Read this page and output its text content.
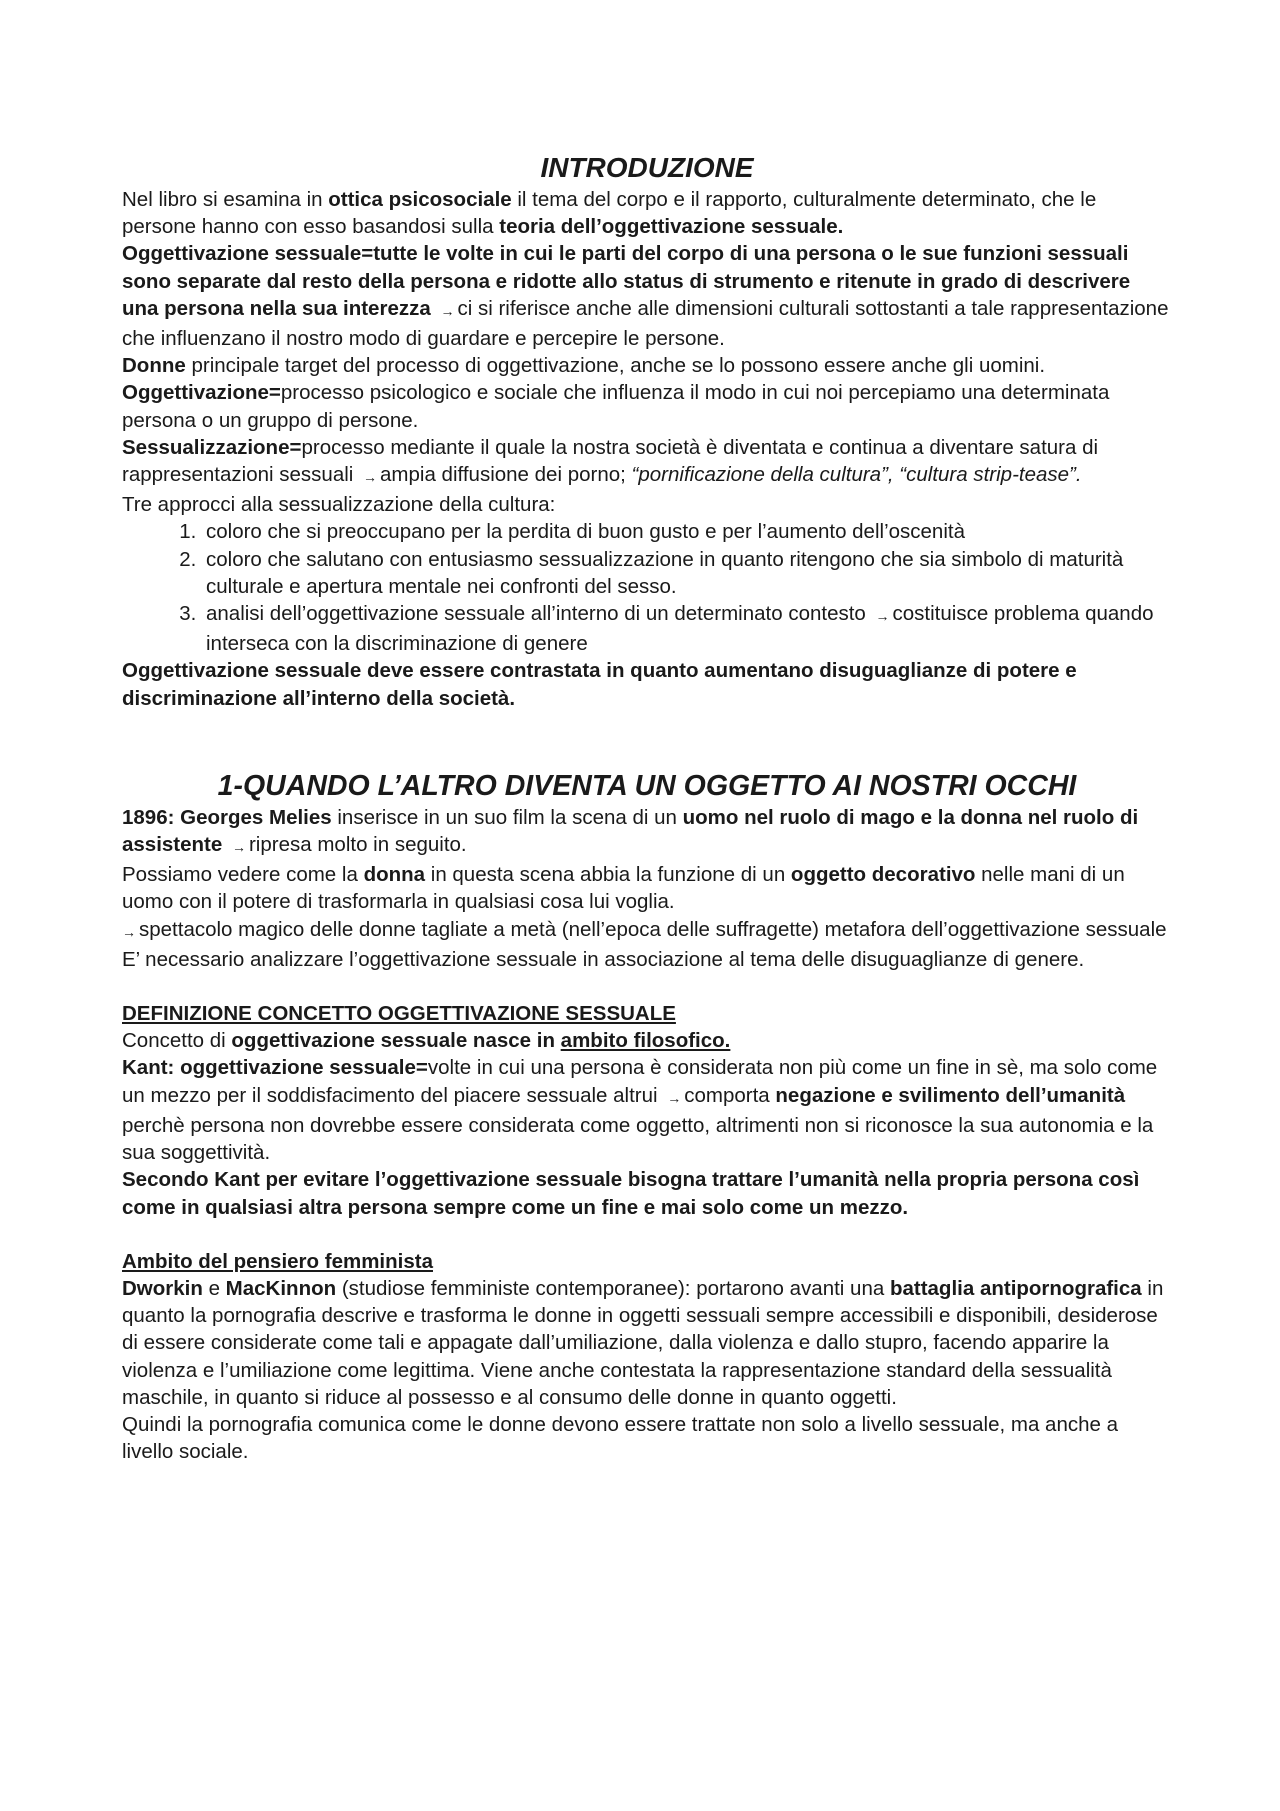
INTRODUZIONE

Nel libro si esamina in ottica psicosociale il tema del corpo e il rapporto, culturalmente determinato, che le persone hanno con esso basandosi sulla teoria dell’oggettivazione sessuale.

Oggettivazione sessuale=tutte le volte in cui le parti del corpo di una persona o le sue funzioni sessuali sono separate dal resto della persona e ridotte allo status di strumento e ritenute in grado di descrivere una persona nella sua interezza → ci si riferisce anche alle dimensioni culturali sottostanti a tale rappresentazione che influenzano il nostro modo di guardare e percepire le persone.

Donne principale target del processo di oggettivazione, anche se lo possono essere anche gli uomini.

Oggettivazione=processo psicologico e sociale che influenza il modo in cui noi percepiamo una determinata persona o un gruppo di persone.

Sessualizzazione=processo mediante il quale la nostra società è diventata e continua a diventare satura di rappresentazioni sessuali → ampia diffusione dei porno; “pornificazione della cultura”, “cultura strip-tease”.

Tre approcci alla sessualizzazione della cultura:

1. coloro che si preoccupano per la perdita di buon gusto e per l’aumento dell’oscenità
2. coloro che salutano con entusiasmo sessualizzazione in quanto ritengono che sia simbolo di maturità culturale e apertura mentale nei confronti del sesso.
3. analisi dell’oggettivazione sessuale all’interno di un determinato contesto → costituisce problema quando interseca con la discriminazione di genere

Oggettivazione sessuale deve essere contrastata in quanto aumentano disuguaglianze di potere e discriminazione all’interno della società.

1-QUANDO L’ALTRO DIVENTA UN OGGETTO AI NOSTRI OCCHI

1896: Georges Melies inserisce in un suo film la scena di un uomo nel ruolo di mago e la donna nel ruolo di assistente → ripresa molto in seguito.

Possiamo vedere come la donna in questa scena abbia la funzione di un oggetto decorativo nelle mani di un uomo con il potere di trasformarla in qualsiasi cosa lui voglia.

→ spettacolo magico delle donne tagliate a metà (nell’epoca delle suffragette) metafora dell’oggettivazione sessuale

E’ necessario analizzare l’oggettivazione sessuale in associazione al tema delle disuguaglianze di genere.

DEFINIZIONE CONCETTO OGGETTIVAZIONE SESSUALE

Concetto di oggettivazione sessuale nasce in ambito filosofico.

Kant: oggettivazione sessuale=volte in cui una persona è considerata non più come un fine in sè, ma solo come un mezzo per il soddisfacimento del piacere sessuale altrui → comporta negazione e svilimento dell’umanità perchè persona non dovrebbe essere considerata come oggetto, altrimenti non si riconosce la sua autonomia e la sua soggettività.

Secondo Kant per evitare l’oggettivazione sessuale bisogna trattare l’umanità nella propria persona così come in qualsiasi altra persona sempre come un fine e mai solo come un mezzo.

Ambito del pensiero femminista

Dworkin e MacKinnon (studiose femministe contemporanee): portarono avanti una battaglia antipornografica in quanto la pornografia descrive e trasforma le donne in oggetti sessuali sempre accessibili e disponibili, desiderose di essere considerate come tali e appagate dall’umiliazione, dalla violenza e dallo stupro, facendo apparire la violenza e l’umiliazione come legittima. Viene anche contestata la rappresentazione standard della sessualità maschile, in quanto si riduce al possesso e al consumo delle donne in quanto oggetti.

Quindi la pornografia comunica come le donne devono essere trattate non solo a livello sessuale, ma anche a livello sociale.
